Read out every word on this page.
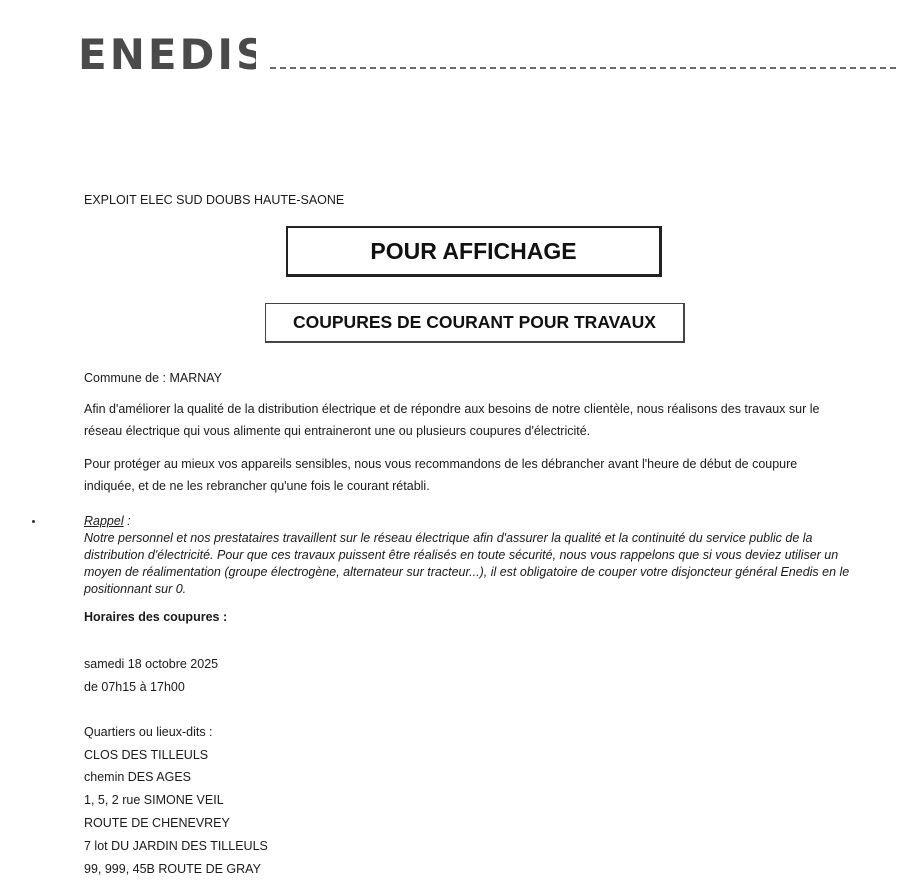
ENEDIS
EXPLOIT ELEC SUD DOUBS HAUTE-SAONE
POUR AFFICHAGE
COUPURES DE COURANT POUR TRAVAUX
Commune de : MARNAY
Afin d'améliorer la qualité de la distribution électrique et de répondre aux besoins de notre clientèle, nous réalisons des travaux sur le réseau électrique qui vous alimente qui entraineront une ou plusieurs coupures d'électricité.
Pour protéger au mieux vos appareils sensibles, nous vous recommandons de les débrancher avant l'heure de début de coupure indiquée, et de ne les rebrancher qu'une fois le courant rétabli.
Rappel :
Notre personnel et nos prestataires travaillent sur le réseau électrique afin d'assurer la qualité et la continuité du service public de la distribution d'électricité. Pour que ces travaux puissent être réalisés en toute sécurité, nous vous rappelons que si vous deviez utiliser un moyen de réalimentation (groupe électrogène, alternateur sur tracteur...), il est obligatoire de couper votre disjoncteur général Enedis en le positionnant sur 0.
Horaires des coupures :
samedi 18 octobre 2025
de 07h15 à 17h00
Quartiers ou lieux-dits :
CLOS DES TILLEULS
chemin DES AGES
1, 5, 2 rue SIMONE VEIL
ROUTE DE CHENEVREY
7 lot DU JARDIN DES TILLEULS
99, 999, 45B ROUTE DE GRAY
